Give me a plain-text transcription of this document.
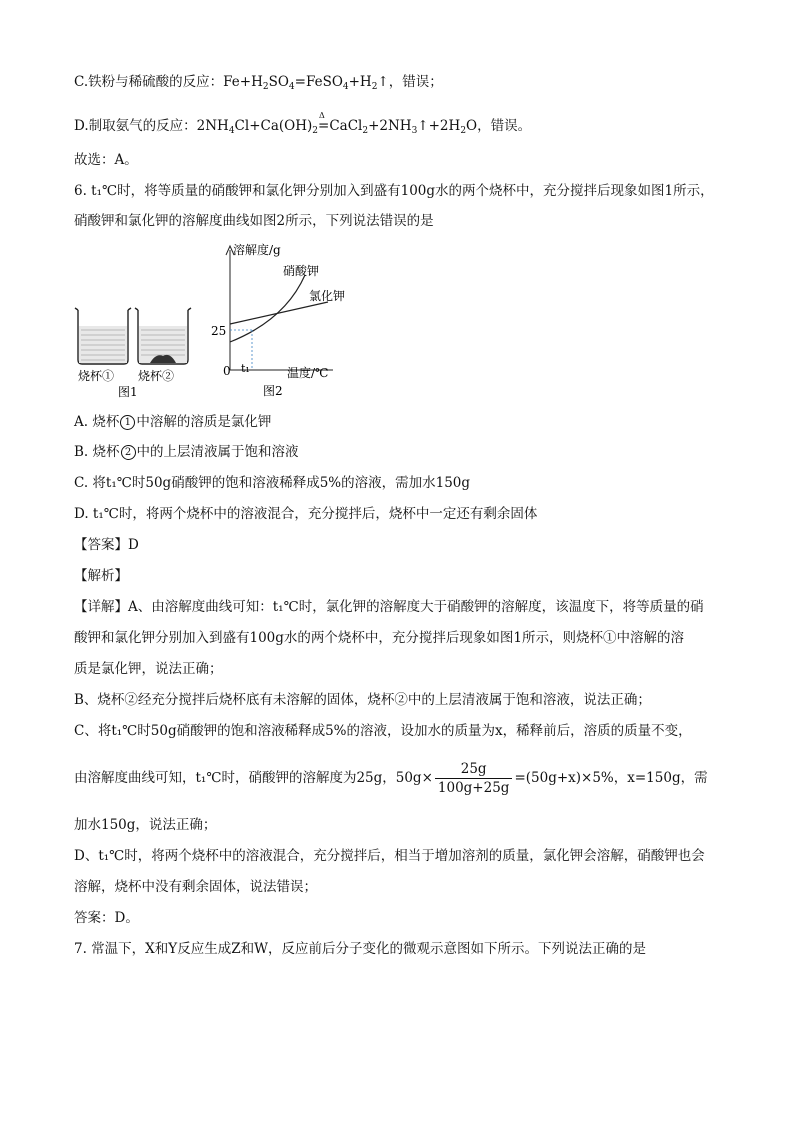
C.铁粉与稀硫酸的反应：$Fe+H_2SO_4=FeSO_4+H_2↑$，错误；
D.制取氨气的反应：$2NH_4Cl+Ca(OH)_2$
Δ
$=CaCl_2+2NH_3↑+2H_2O$，错误。
故选：A。
6. t₁℃时，将等质量的硝酸钾和氯化钾分别加入到盛有100g水的两个烧杯中，充分搅拌后现象如图1所示，
硝酸钾和氯化钾的溶解度曲线如图2所示，下列说法错误的是
烧杯① 烧杯②
图1
溶解度/g
硝酸钾
氯化钾
25
0 t₁	温度/℃
图2
A. 烧杯 1 中溶解的溶质是氯化钾
B. 烧杯 2 中的上层清液属于饱和溶液
C. 将t₁℃时50g硝酸钾的饱和溶液稀释成5%的溶液，需加水150g
D. t₁℃时，将两个烧杯中的溶液混合，充分搅拌后，烧杯中一定还有剩余固体
【答案】D
【解析】
【详解】A、由溶解度曲线可知：t₁℃时，氯化钾的溶解度大于硝酸钾的溶解度，该温度下，将等质量的硝
酸钾和氯化钾分别加入到盛有100g水的两个烧杯中，充分搅拌后现象如图1所示，则烧杯①中溶解的溶
质是氯化钾，说法正确；
B、烧杯②经充分搅拌后烧杯底有未溶解的固体，烧杯②中的上层清液属于饱和溶液，说法正确；
C、将t₁℃时50g硝酸钾的饱和溶液稀释成5%的溶液，设加水的质量为x，稀释前后，溶质的质量不变，
由溶解度曲线可知，t₁℃时，硝酸钾的溶解度为25g，$50g\times \frac{25g}{100g+25g} =(50g+x)\times 5\%$，x=150g，需
加水150g，说法正确；
D、t₁℃时，将两个烧杯中的溶液混合，充分搅拌后，相当于增加溶剂的质量，氯化钾会溶解，硝酸钾也会
溶解，烧杯中没有剩余固体，说法错误；
答案：D。
7. 常温下，X和Y反应生成Z和W，反应前后分子变化的微观示意图如下所示。下列说法正确的是
